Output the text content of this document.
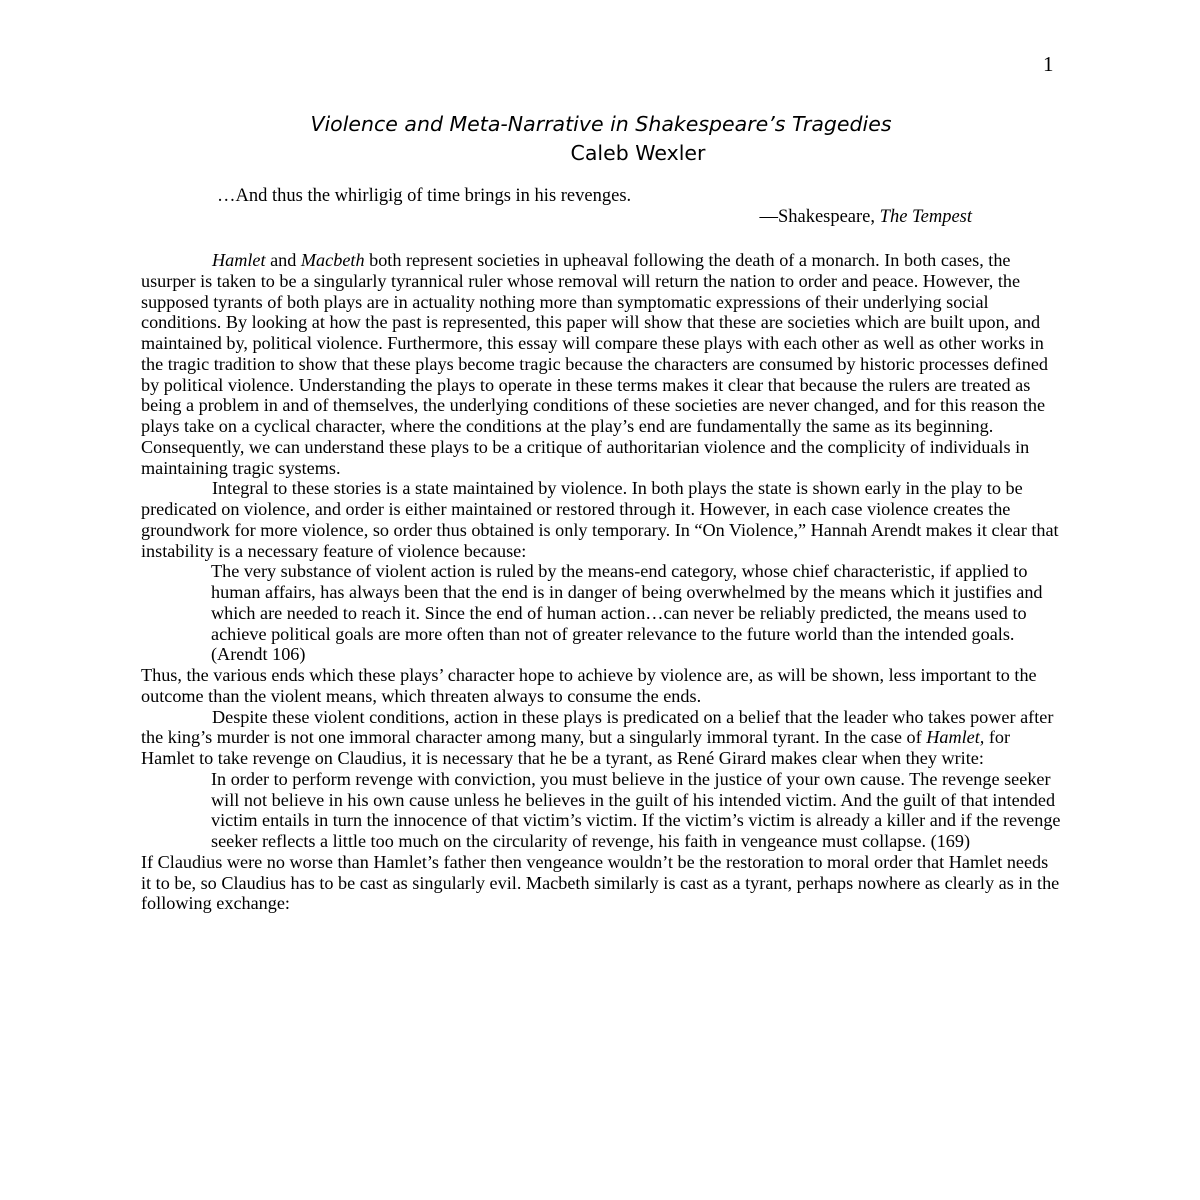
1
Violence and Meta-Narrative in Shakespeare’s Tragedies
Caleb Wexler
…And thus the whirligig of time brings in his revenges.
—Shakespeare, The Tempest

Hamlet and Macbeth both represent societies in upheaval following the death of a monarch. In both cases, the usurper is taken to be a singularly tyrannical ruler whose removal will return the nation to order and peace. However, the supposed tyrants of both plays are in actuality nothing more than symptomatic expressions of their underlying social conditions. By looking at how the past is represented, this paper will show that these are societies which are built upon, and maintained by, political violence. Furthermore, this essay will compare these plays with each other as well as other works in the tragic tradition to show that these plays become tragic because the characters are consumed by historic processes defined by political violence. Understanding the plays to operate in these terms makes it clear that because the rulers are treated as being a problem in and of themselves, the underlying conditions of these societies are never changed, and for this reason the plays take on a cyclical character, where the conditions at the play’s end are fundamentally the same as its beginning. Consequently, we can understand these plays to be a critique of authoritarian violence and the complicity of individuals in maintaining tragic systems.

Integral to these stories is a state maintained by violence. In both plays the state is shown early in the play to be predicated on violence, and order is either maintained or restored through it. However, in each case violence creates the groundwork for more violence, so order thus obtained is only temporary. In “On Violence,” Hannah Arendt makes it clear that instability is a necessary feature of violence because:

The very substance of violent action is ruled by the means-end category, whose chief characteristic, if applied to human affairs, has always been that the end is in danger of being overwhelmed by the means which it justifies and which are needed to reach it. Since the end of human action…can never be reliably predicted, the means used to achieve political goals are more often than not of greater relevance to the future world than the intended goals. (Arendt 106)

Thus, the various ends which these plays’ character hope to achieve by violence are, as will be shown, less important to the outcome than the violent means, which threaten always to consume the ends.

Despite these violent conditions, action in these plays is predicated on a belief that the leader who takes power after the king’s murder is not one immoral character among many, but a singularly immoral tyrant. In the case of Hamlet, for Hamlet to take revenge on Claudius, it is necessary that he be a tyrant, as René Girard makes clear when they write:

In order to perform revenge with conviction, you must believe in the justice of your own cause. The revenge seeker will not believe in his own cause unless he believes in the guilt of his intended victim. And the guilt of that intended victim entails in turn the innocence of that victim’s victim. If the victim’s victim is already a killer and if the revenge seeker reflects a little too much on the circularity of revenge, his faith in vengeance must collapse. (169)

If Claudius were no worse than Hamlet’s father then vengeance wouldn’t be the restoration to moral order that Hamlet needs it to be, so Claudius has to be cast as singularly evil. Macbeth similarly is cast as a tyrant, perhaps nowhere as clearly as in the following exchange:
